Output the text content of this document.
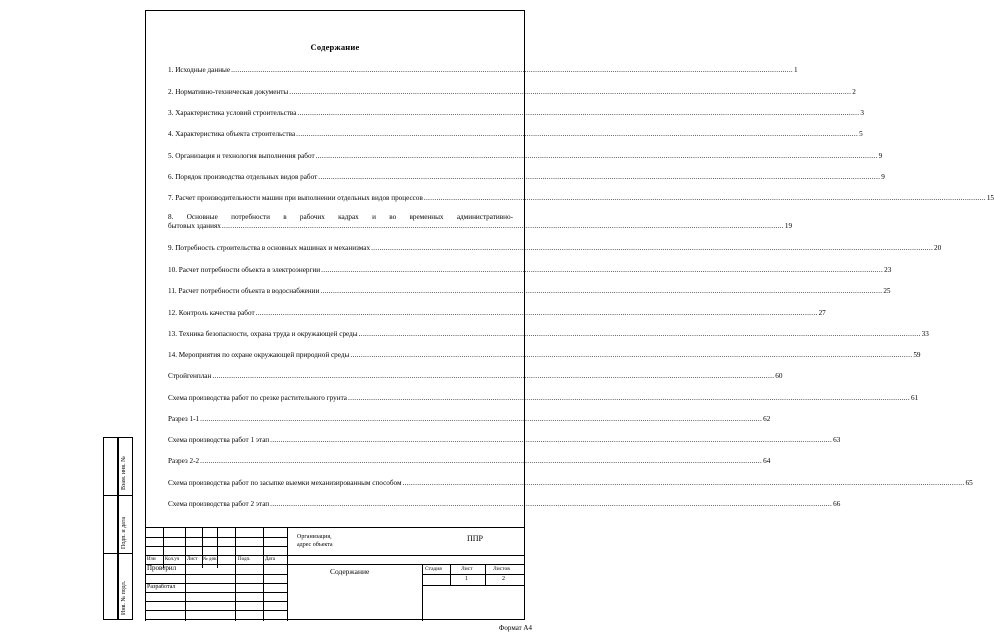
Содержание
1. Исходные данные .....	1
2. Нормативно-техническая документы .....	2
3. Характеристика условий строительства .....	3
4. Характеристика объекта строительства .....	5
5. Организация и технология выполнения работ .....	9
6. Порядок производства отдельных видов работ .....	9
7. Расчет производительности машин при выполнении отдельных видов процессов .....	15
8. Основные потребности в рабочих кадрах и во временных административно-
бытовых зданиях .....	19
9. Потребность строительства в основных машинах и механизмах .....	20
10. Расчет потребности объекта в электроэнергии .....	23
11. Расчет потребности объекта в водоснабжении .....	25
12. Контроль качества работ .....	27
13. Техника безопасности, охрана труда и окружающей среды .....	33
14. Мероприятия по охране окружающей природной среды .....	59
Стройгенплан .....	60
Схема производства работ по срезке растительного грунта .....	61
Разрез 1-1 .....	62
Схема производства работ 1 этап .....	63
Разрез 2-2 .....	64
Схема производства работ по засыпке выемки механизированным способом .....	65
Схема производства работ 2 этап .....	66
Взам. инв. №
Подп. и дата
Инв. № подл.
Организация,
адрес объекта
ППР
Изм Кол.уч Лист № док	Подп.	Дата
Проверил
Разработал
Содержание	Стадия	Лист	Листов
1	2
Формат А4
